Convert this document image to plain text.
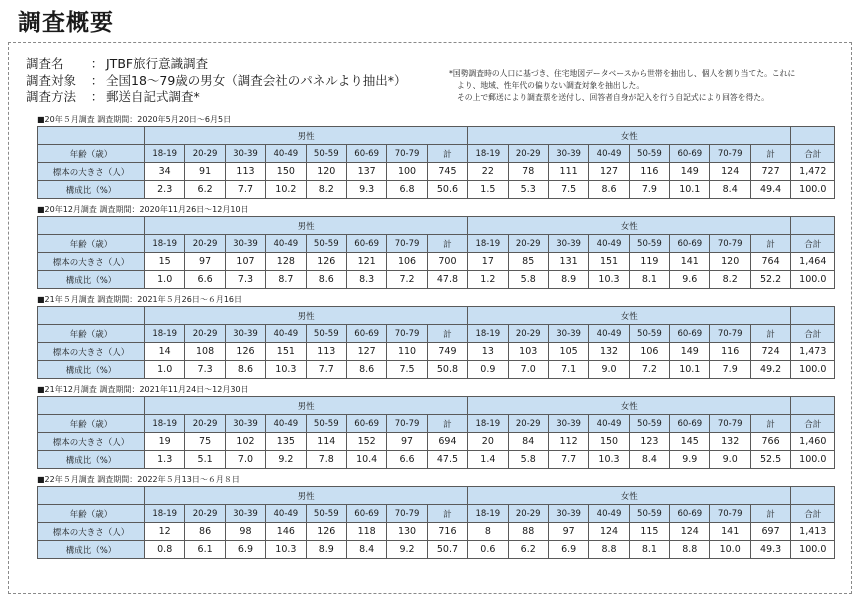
調査概要
調査名	： JTBF旅行意識調査
調査対象	： 全国18～79歳の男女（調査会社のパネルより抽出*）
調査方法	： 郵送自記式調査*
*国勢調査時の人口に基づき、住宅地図データベースから世帯を抽出し、個人を割り当てた。これに
より、地域、性年代の偏りない調査対象を抽出した。
その上で郵送により調査票を送付し、回答者自身が記入を行う自記式により回答を得た。
■20年５月調査 調査期間：2020年5月20日～6月5日
	男性								女性								
年齢（歳）	18-19	20-29	30-39	40-49	50-59	60-69	70-79	計	18-19	20-29	30-39	40-49	50-59	60-69	70-79	計	合計
標本の大きさ（人）	34	91	113	150	120	137	100	745	22	78	111	127	116	149	124	727	1,472
構成比（%）	2.3	6.2	7.7	10.2	8.2	9.3	6.8	50.6	1.5	5.3	7.5	8.6	7.9	10.1	8.4	49.4	100.0
■20年12月調査 調査期間：2020年11月26日～12月10日
	男性								女性								
年齢（歳）	18-19	20-29	30-39	40-49	50-59	60-69	70-79	計	18-19	20-29	30-39	40-49	50-59	60-69	70-79	計	合計
標本の大きさ（人）	15	97	107	128	126	121	106	700	17	85	131	151	119	141	120	764	1,464
構成比（%）	1.0	6.6	7.3	8.7	8.6	8.3	7.2	47.8	1.2	5.8	8.9	10.3	8.1	9.6	8.2	52.2	100.0
■21年５月調査 調査期間：2021年５月26日～６月16日
	男性								女性								
年齢（歳）	18-19	20-29	30-39	40-49	50-59	60-69	70-79	計	18-19	20-29	30-39	40-49	50-59	60-69	70-79	計	合計
標本の大きさ（人）	14	108	126	151	113	127	110	749	13	103	105	132	106	149	116	724	1,473
構成比（%）	1.0	7.3	8.6	10.3	7.7	8.6	7.5	50.8	0.9	7.0	7.1	9.0	7.2	10.1	7.9	49.2	100.0
■21年12月調査 調査期間：2021年11月24日～12月30日
	男性								女性								
年齢（歳）	18-19	20-29	30-39	40-49	50-59	60-69	70-79	計	18-19	20-29	30-39	40-49	50-59	60-69	70-79	計	合計
標本の大きさ（人）	19	75	102	135	114	152	97	694	20	84	112	150	123	145	132	766	1,460
構成比（%）	1.3	5.1	7.0	9.2	7.8	10.4	6.6	47.5	1.4	5.8	7.7	10.3	8.4	9.9	9.0	52.5	100.0
■22年５月調査 調査期間：2022年５月13日～６月８日
	男性								女性								
年齢（歳）	18-19	20-29	30-39	40-49	50-59	60-69	70-79	計	18-19	20-29	30-39	40-49	50-59	60-69	70-79	計	合計
標本の大きさ（人）	12	86	98	146	126	118	130	716	8	88	97	124	115	124	141	697	1,413
構成比（%）	0.8	6.1	6.9	10.3	8.9	8.4	9.2	50.7	0.6	6.2	6.9	8.8	8.1	8.8	10.0	49.3	100.0
